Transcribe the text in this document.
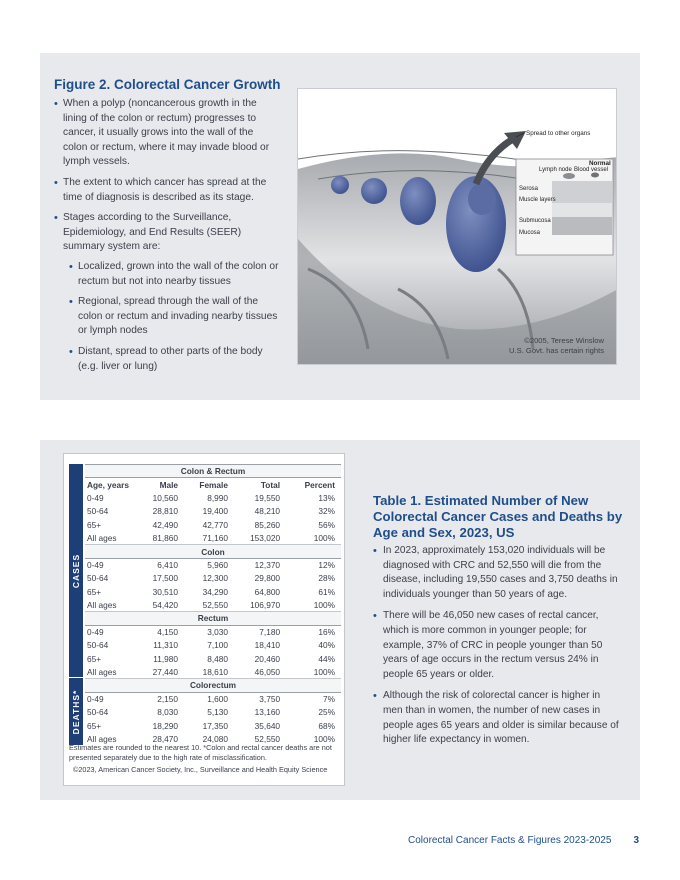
Figure 2. Colorectal Cancer Growth
• When a polyp (noncancerous growth in the lining of the colon or rectum) progresses to cancer, it usually grows into the wall of the colon or rectum, where it may invade blood or lymph vessels.
• The extent to which cancer has spread at the time of diagnosis is described as its stage.
• Stages according to the Surveillance, Epidemiology, and End Results (SEER) summary system are:
• Localized, grown into the wall of the colon or rectum but not into nearby tissues
• Regional, spread through the wall of the colon or rectum and invading nearby tissues or lymph nodes
• Distant, spread to other parts of the body (e.g. liver or lung)
Spread to other organs
Normal
Lymph node Blood vessel
Serosa
Muscle layers
Submucosa
Mucosa
©2005, Terese Winslow
U.S. Govt. has certain rights
CASES
DEATHS*
Colon & Rectum				
Age, years	Male	Female	Total	Percent
0-49	10,560	8,990	19,550	13%
50-64	28,810	19,400	48,210	32%
65+	42,490	42,770	85,260	56%
All ages	81,860	71,160	153,020	100%
Colon				
0-49	6,410	5,960	12,370	12%
50-64	17,500	12,300	29,800	28%
65+	30,510	34,290	64,800	61%
All ages	54,420	52,550	106,970	100%
Rectum				
0-49	4,150	3,030	7,180	16%
50-64	11,310	7,100	18,410	40%
65+	11,980	8,480	20,460	44%
All ages	27,440	18,610	46,050	100%
Colorectum				
0-49	2,150	1,600	3,750	7%
50-64	8,030	5,130	13,160	25%
65+	18,290	17,350	35,640	68%
All ages	28,470	24,080	52,550	100%
Estimates are rounded to the nearest 10. *Colon and rectal cancer deaths are not presented separately due to the high rate of misclassification.
©2023, American Cancer Society, Inc., Surveillance and Health Equity Science
Table 1. Estimated Number of New Colorectal Cancer Cases and Deaths by Age and Sex, 2023, US
• In 2023, approximately 153,020 individuals will be diagnosed with CRC and 52,550 will die from the disease, including 19,550 cases and 3,750 deaths in individuals younger than 50 years of age.
• There will be 46,050 new cases of rectal cancer, which is more common in younger people; for example, 37% of CRC in people younger than 50 years of age occurs in the rectum versus 24% in people 65 years or older.
• Although the risk of colorectal cancer is higher in men than in women, the number of new cases in people ages 65 years and older is similar because of higher life expectancy in women.
Colorectal Cancer Facts & Figures 2023-2025 3
